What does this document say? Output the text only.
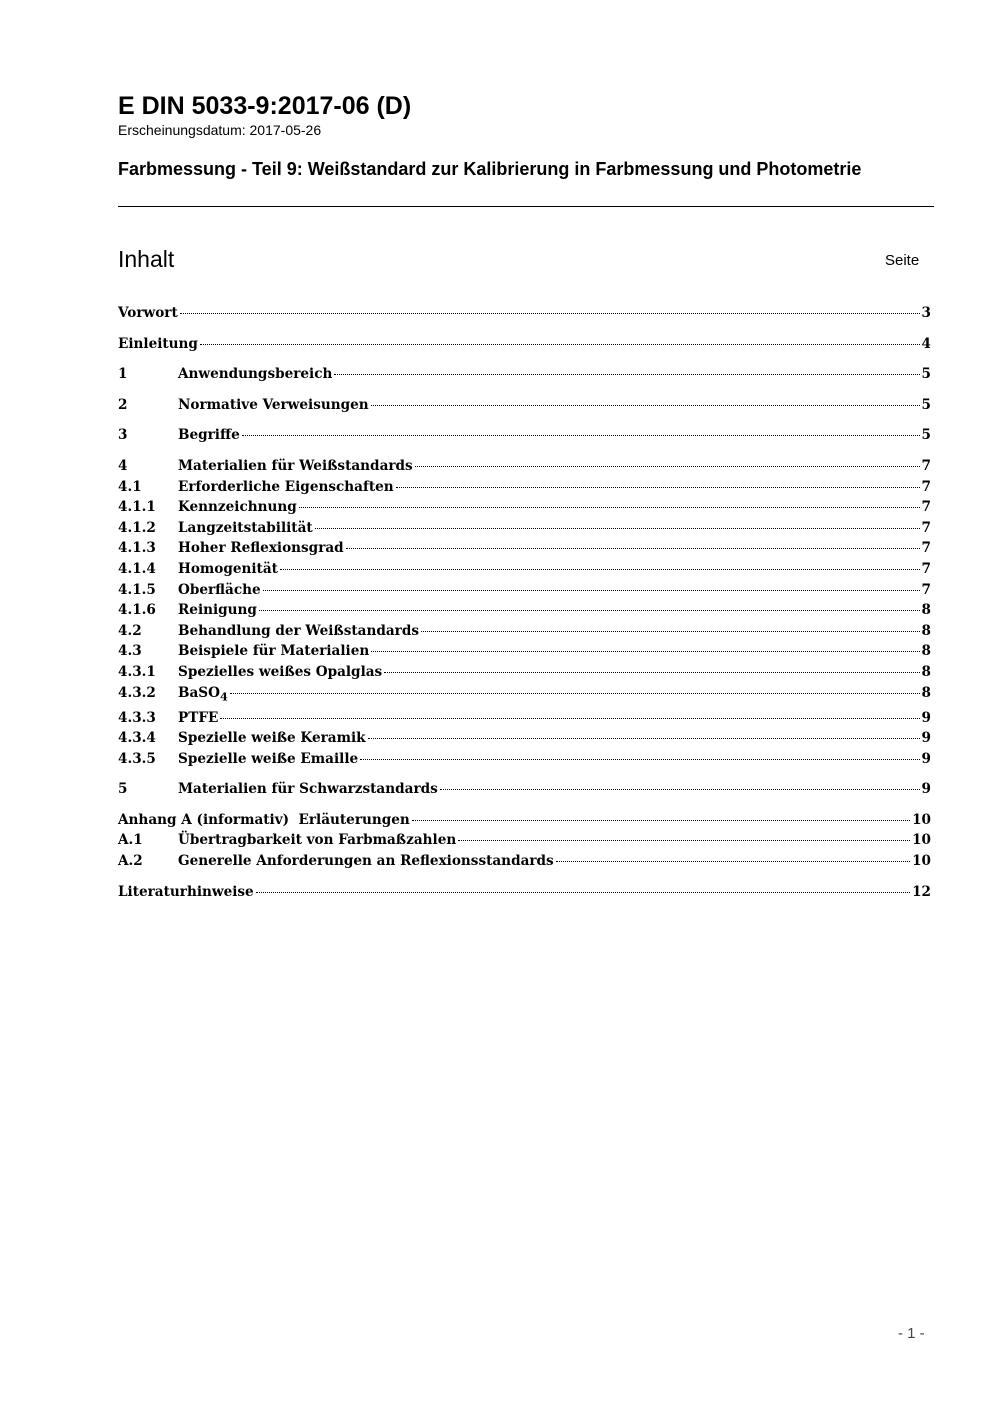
E DIN 5033-9:2017-06 (D)
Erscheinungsdatum: 2017-05-26
Farbmessung - Teil 9: Weißstandard zur Kalibrierung in Farbmessung und Photometrie
Inhalt	Seite
Vorwort	3
Einleitung	4
1	Anwendungsbereich	5
2	Normative Verweisungen	5
3	Begriffe	5
4	Materialien für Weißstandards	7
4.1	Erforderliche Eigenschaften	7
4.1.1	Kennzeichnung	7
4.1.2	Langzeitstabilität	7
4.1.3	Hoher Reflexionsgrad	7
4.1.4	Homogenität	7
4.1.5	Oberfläche	7
4.1.6	Reinigung	8
4.2	Behandlung der Weißstandards	8
4.3	Beispiele für Materialien	8
4.3.1	Spezielles weißes Opalglas	8
4.3.2	BaSO$_4$	8
4.3.3	PTFE	9
4.3.4	Spezielle weiße Keramik	9
4.3.5	Spezielle weiße Emaille	9
5	Materialien für Schwarzstandards	9
Anhang A (informativ)  Erläuterungen	10
A.1	Übertragbarkeit von Farbmaßzahlen	10
A.2	Generelle Anforderungen an Reflexionsstandards	10
Literaturhinweise	12
- 1 -
